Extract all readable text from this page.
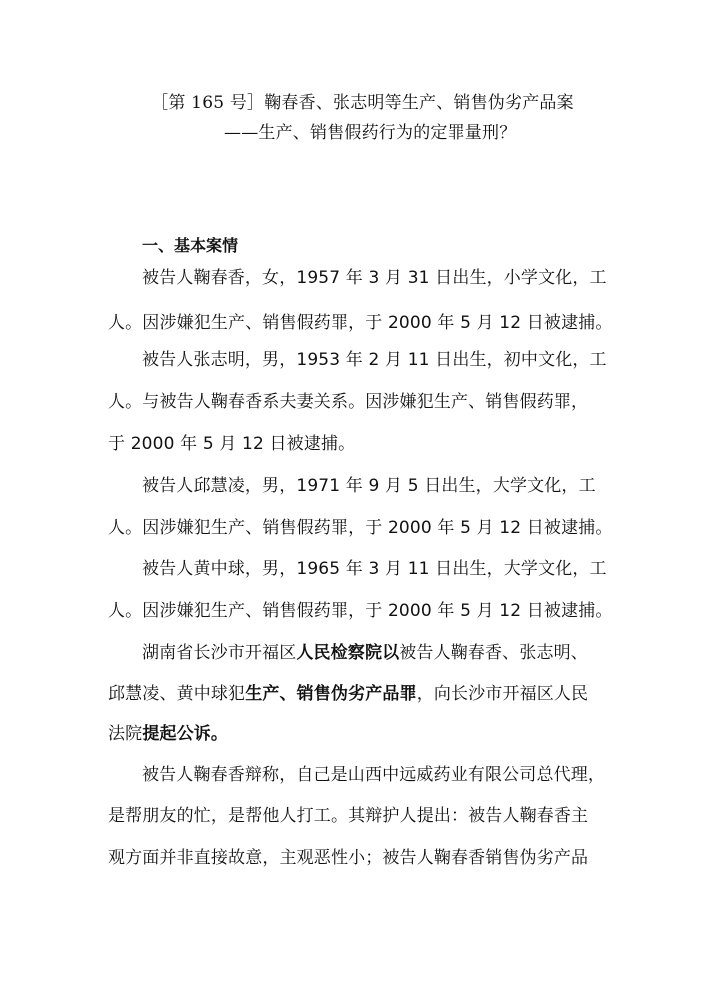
［第 165 号］鞠春香、张志明等生产、销售伪劣产品案
——生产、销售假药行为的定罪量刑？
一、基本案情
被告人鞠春香，女，1957 年 3 月 31 日出生，小学文化，工
人。因涉嫌犯生产、销售假药罪，于 2000 年 5 月 12 日被逮捕。
被告人张志明，男，1953 年 2 月 11 日出生，初中文化，工
人。与被告人鞠春香系夫妻关系。因涉嫌犯生产、销售假药罪，
于 2000 年 5 月 12 日被逮捕。
被告人邱慧凌，男，1971 年 9 月 5 日出生，大学文化，工
人。因涉嫌犯生产、销售假药罪，于 2000 年 5 月 12 日被逮捕。
被告人黄中球，男，1965 年 3 月 11 日出生，大学文化，工
人。因涉嫌犯生产、销售假药罪，于 2000 年 5 月 12 日被逮捕。
湖南省长沙市开福区人民检察院以被告人鞠春香、张志明、
邱慧凌、黄中球犯生产、销售伪劣产品罪，向长沙市开福区人民
法院提起公诉。
被告人鞠春香辩称，自己是山西中远威药业有限公司总代理，
是帮朋友的忙，是帮他人打工。其辩护人提出：被告人鞠春香主
观方面并非直接故意，主观恶性小；被告人鞠春香销售伪劣产品
